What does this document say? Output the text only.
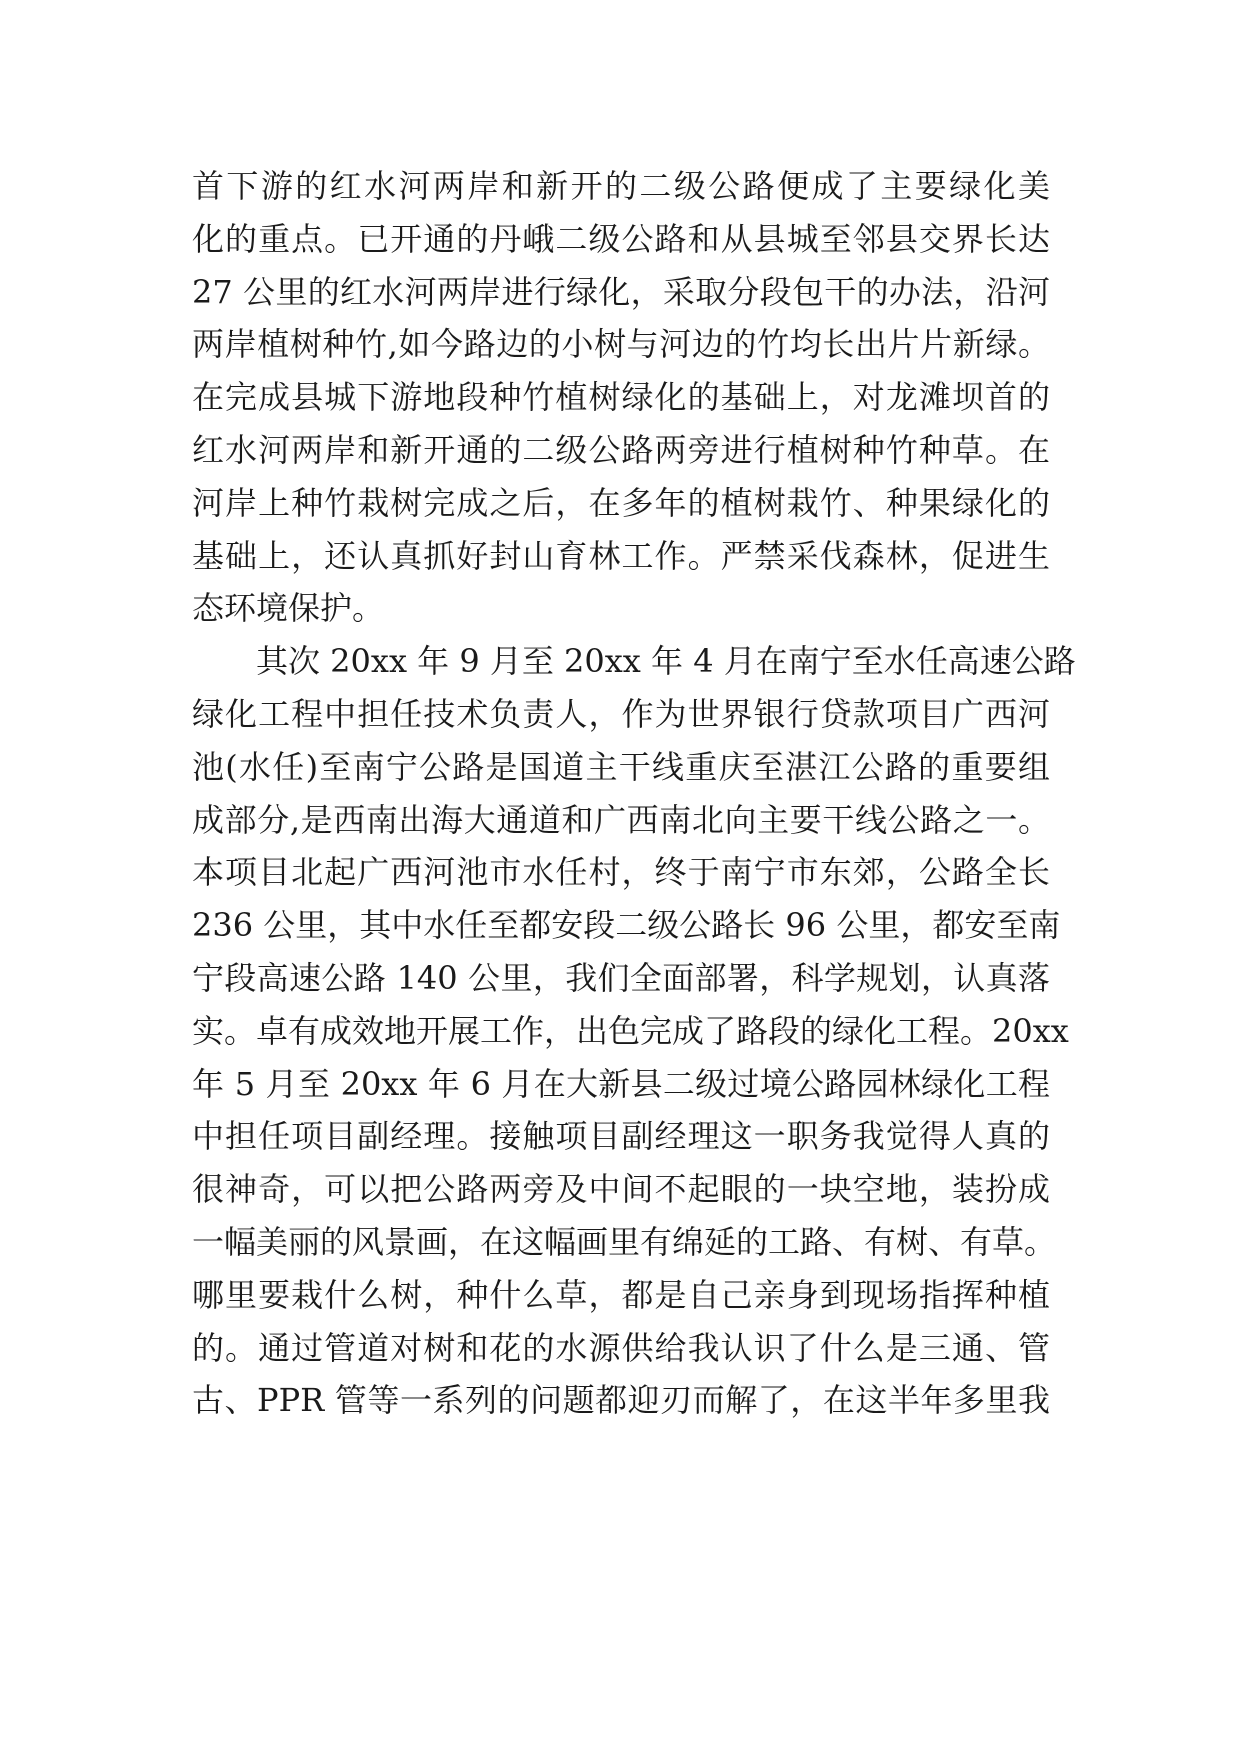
首下游的红水河两岸和新开的二级公路便成了主要绿化美
化的重点。已开通的丹峨二级公路和从县城至邻县交界长达
27 公里的红水河两岸进行绿化，采取分段包干的办法，沿河
两岸植树种竹,如今路边的小树与河边的竹均长出片片新绿。
在完成县城下游地段种竹植树绿化的基础上，对龙滩坝首的
红水河两岸和新开通的二级公路两旁进行植树种竹种草。在
河岸上种竹栽树完成之后，在多年的植树栽竹、种果绿化的
基础上，还认真抓好封山育林工作。严禁采伐森林，促进生
态环境保护。
其次 20xx 年 9 月至 20xx 年 4 月在南宁至水任高速公路
绿化工程中担任技术负责人，作为世界银行贷款项目广西河
池(水任)至南宁公路是国道主干线重庆至湛江公路的重要组
成部分,是西南出海大通道和广西南北向主要干线公路之一。
本项目北起广西河池市水任村，终于南宁市东郊，公路全长
236 公里，其中水任至都安段二级公路长 96 公里，都安至南
宁段高速公路 140 公里，我们全面部署，科学规划，认真落
实。卓有成效地开展工作，出色完成了路段的绿化工程。20xx
年 5 月至 20xx 年 6 月在大新县二级过境公路园林绿化工程
中担任项目副经理。接触项目副经理这一职务我觉得人真的
很神奇，可以把公路两旁及中间不起眼的一块空地，装扮成
一幅美丽的风景画，在这幅画里有绵延的工路、有树、有草。
哪里要栽什么树，种什么草，都是自己亲身到现场指挥种植
的。通过管道对树和花的水源供给我认识了什么是三通、管
古、PPR 管等一系列的问题都迎刃而解了，在这半年多里我
